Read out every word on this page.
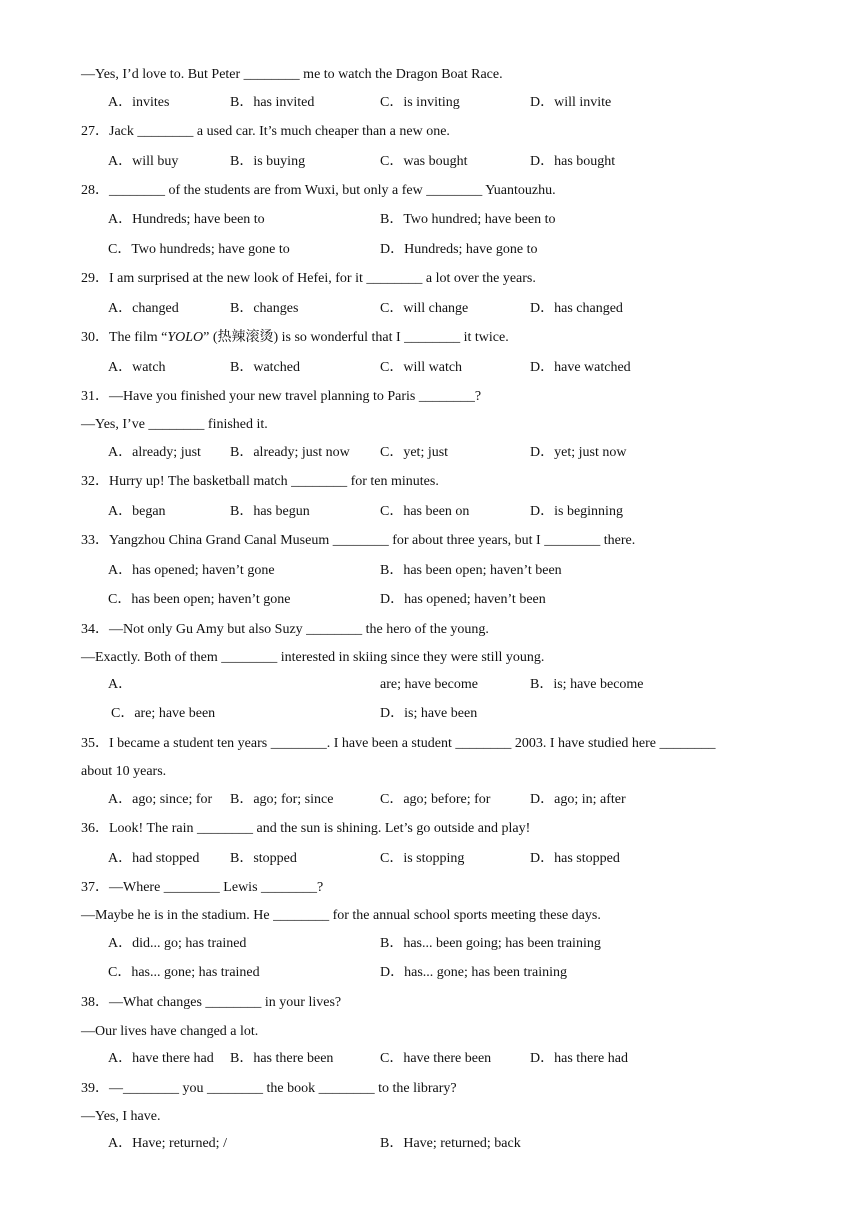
—Yes, I’d love to. But Peter ________ me to watch the Dragon Boat Race.
A．invites	B．has invited	C．is inviting	D．will invite
27．Jack ________ a used car. It’s much cheaper than a new one.
A．will buy	B．is buying	C．was bought	D．has bought
28．________ of the students are from Wuxi, but only a few ________ Yuantouzhu.
A．Hundreds; have been to	B．Two hundred; have been to
C．Two hundreds; have gone to	D．Hundreds; have gone to
29．I am surprised at the new look of Hefei, for it ________ a lot over the years.
A．changed	B．changes	C．will change	D．has changed
30．The film “YOLO” (热辣滚烫) is so wonderful that I ________ it twice.
A．watch	B．watched	C．will watch	D．have watched
31．—Have you finished your new travel planning to Paris ________?
—Yes, I’ve ________ finished it.
A．already; just B．already; just now C．yet; just	D．yet; just now
32．Hurry up! The basketball match ________ for ten minutes.
A．began	B．has begun	C．has been on	D．is beginning
33．Yangzhou China Grand Canal Museum ________ for about three years, but I ________ there.
A．has opened; haven’t gone	B．has been open; haven’t been
C．has been open; haven’t gone	D．has opened; haven’t been
34．—Not only Gu Amy but also Suzy ________ the hero of the young.
—Exactly. Both of them ________ interested in skiing since they were still young.
A．	are; have become	B．is; have become
C．are; have been	D．is; have been
35．I became a student ten years ________. I have been a student ________ 2003. I have studied here ________
about 10 years.
A．ago; since; for B．ago; for; since	C．ago; before; for	D．ago; in; after
36．Look! The rain ________ and the sun is shining. Let’s go outside and play!
A．had stopped B．stopped	C．is stopping	D．has stopped
37．—Where ________ Lewis ________?
—Maybe he is in the stadium. He ________ for the annual school sports meeting these days.
A．did... go; has trained	B．has... been going; has been training
C．has... gone; has trained	D．has... gone; has been training
38．—What changes ________ in your lives?
—Our lives have changed a lot.
A．have there had B．has there been	C．have there been	D．has there had
39．—________ you ________ the book ________ to the library?
—Yes, I have.
A．Have; returned; /	B．Have; returned; back
